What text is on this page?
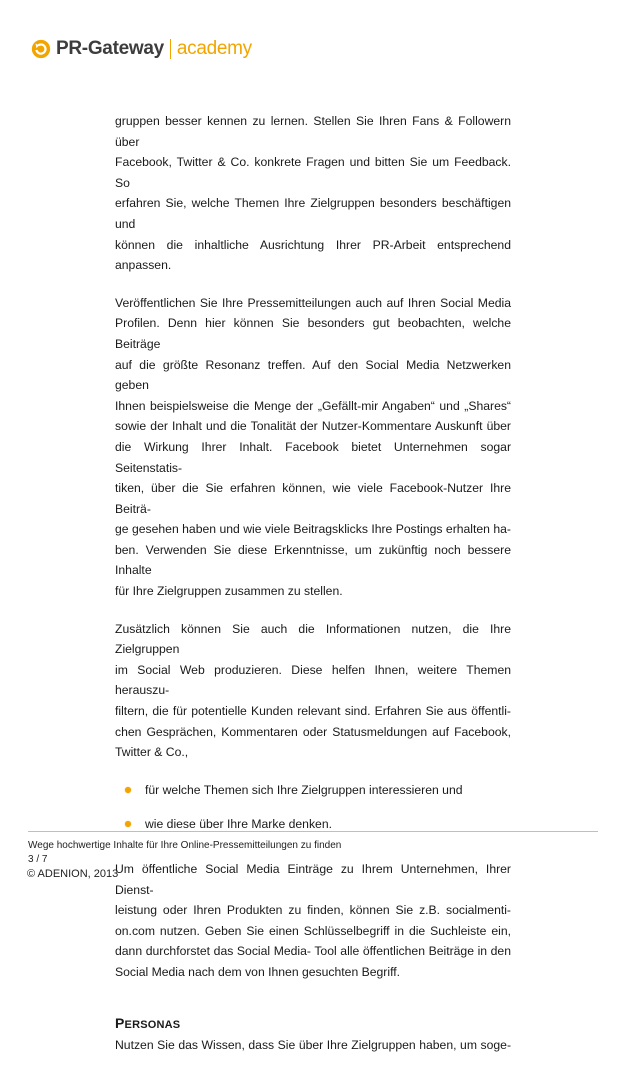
PR-Gateway academy

gruppen besser kennen zu lernen. Stellen Sie Ihren Fans & Followern über

Facebook, Twitter & Co. konkrete Fragen und bitten Sie um Feedback. So

erfahren Sie, welche Themen Ihre Zielgruppen besonders beschäftigen und

können die inhaltliche Ausrichtung Ihrer PR-Arbeit entsprechend anpassen.

Veröffentlichen Sie Ihre Pressemitteilungen auch auf Ihren Social Media

Profilen. Denn hier können Sie besonders gut beobachten, welche Beiträge

auf die größte Resonanz treffen. Auf den Social Media Netzwerken geben

Ihnen beispielsweise die Menge der „Gefällt-mir Angaben“ und „Shares“

sowie der Inhalt und die Tonalität der Nutzer-Kommentare Auskunft über

die Wirkung Ihrer Inhalt. Facebook bietet Unternehmen sogar Seitenstatis-

tiken, über die Sie erfahren können, wie viele Facebook-Nutzer Ihre Beiträ-

ge gesehen haben und wie viele Beitragsklicks Ihre Postings erhalten ha-

ben. Verwenden Sie diese Erkenntnisse, um zukünftig noch bessere Inhalte

für Ihre Zielgruppen zusammen zu stellen.

Zusätzlich können Sie auch die Informationen nutzen, die Ihre Zielgruppen

im Social Web produzieren. Diese helfen Ihnen, weitere Themen herauszu-

filtern, die für potentielle Kunden relevant sind. Erfahren Sie aus öffentli-

chen Gesprächen, Kommentaren oder Statusmeldungen auf Facebook,

Twitter & Co.,

für welche Themen sich Ihre Zielgruppen interessieren und
wie diese über Ihre Marke denken.

Um öffentliche Social Media Einträge zu Ihrem Unternehmen, Ihrer Dienst-

leistung oder Ihren Produkten zu finden, können Sie z.B. socialmenti-

on.com nutzen. Geben Sie einen Schlüsselbegriff in die Suchleiste ein,

dann durchforstet das Social Media- Tool alle öffentlichen Beiträge in den

Social Media nach dem von Ihnen gesuchten Begriff.

PERSONAS

Nutzen Sie das Wissen, dass Sie über Ihre Zielgruppen haben, um soge-

Wege hochwertige Inhalte für Ihre Online-Pressemitteilungen zu finden
3 / 7
© ADENION, 2013
